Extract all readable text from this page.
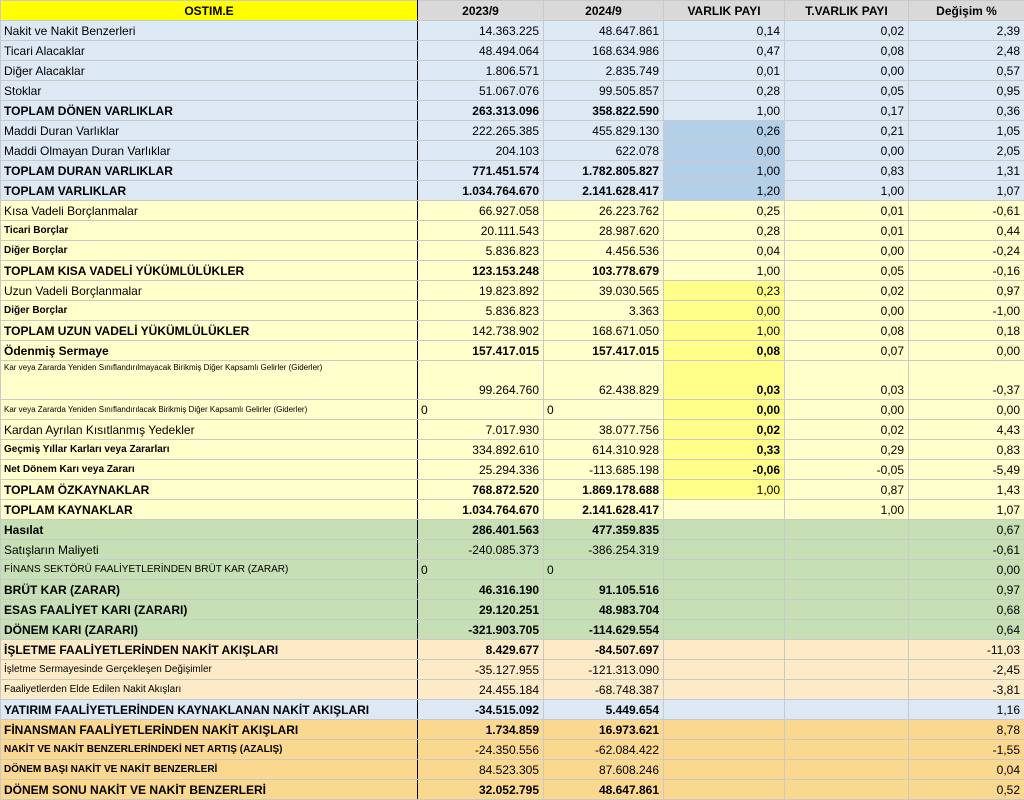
OSTIM.E	2023/9	2024/9	VARLIK PAYI	T.VARLIK PAYI	Değişim %
Nakit ve Nakit Benzerleri	14.363.225	48.647.861	0,14	0,02	2,39
Ticari Alacaklar	48.494.064	168.634.986	0,47	0,08	2,48
Diğer Alacaklar	1.806.571	2.835.749	0,01	0,00	0,57
Stoklar	51.067.076	99.505.857	0,28	0,05	0,95
TOPLAM DÖNEN VARLIKLAR	263.313.096	358.822.590	1,00	0,17	0,36
Maddi Duran Varlıklar	222.265.385	455.829.130	0,26	0,21	1,05
Maddi Olmayan Duran Varlıklar	204.103	622.078	0,00	0,00	2,05
TOPLAM DURAN VARLIKLAR	771.451.574	1.782.805.827	1,00	0,83	1,31
TOPLAM VARLIKLAR	1.034.764.670	2.141.628.417	1,20	1,00	1,07
Kısa Vadeli Borçlanmalar	66.927.058	26.223.762	0,25	0,01	-0,61
Ticari Borçlar	20.111.543	28.987.620	0,28	0,01	0,44
Diğer Borçlar	5.836.823	4.456.536	0,04	0,00	-0,24
TOPLAM KISA VADELİ YÜKÜMLÜLÜKLER	123.153.248	103.778.679	1,00	0,05	-0,16
Uzun Vadeli Borçlanmalar	19.823.892	39.030.565	0,23	0,02	0,97
Diğer Borçlar	5.836.823	3.363	0,00	0,00	-1,00
TOPLAM UZUN VADELİ YÜKÜMLÜLÜKLER	142.738.902	168.671.050	1,00	0,08	0,18
Ödenmiş Sermaye	157.417.015	157.417.015	0,08	0,07	0,00
Kar veya Zararda Yeniden Sınıflandırılmayacak Birikmiş Diğer Kapsamlı Gelirler (Giderler)	99.264.760	62.438.829	0,03	0,03	-0,37
Kar veya Zararda Yeniden Sınıflandırılacak Birikmiş Diğer Kapsamlı Gelirler (Giderler)	0	0	0,00	0,00	0,00
Kardan Ayrılan Kısıtlanmış Yedekler	7.017.930	38.077.756	0,02	0,02	4,43
Geçmiş Yıllar Karları veya Zararları	334.892.610	614.310.928	0,33	0,29	0,83
Net Dönem Karı veya Zararı	25.294.336	-113.685.198	-0,06	-0,05	-5,49
TOPLAM ÖZKAYNAKLAR	768.872.520	1.869.178.688	1,00	0,87	1,43
TOPLAM KAYNAKLAR	1.034.764.670	2.141.628.417		1,00	1,07
Hasılat	286.401.563	477.359.835			0,67
Satışların Maliyeti	-240.085.373	-386.254.319			-0,61
FİNANS SEKTÖRÜ FAALİYETLERİNDEN BRÜT KAR (ZARAR)	0	0			0,00
BRÜT KAR (ZARAR)	46.316.190	91.105.516			0,97
ESAS FAALİYET KARI (ZARARI)	29.120.251	48.983.704			0,68
DÖNEM KARI (ZARARI)	-321.903.705	-114.629.554			0,64
İŞLETME FAALİYETLERİNDEN NAKİT AKIŞLARI	8.429.677	-84.507.697			-11,03
İşletme Sermayesinde Gerçekleşen Değişimler	-35.127.955	-121.313.090			-2,45
Faaliyetlerden Elde Edilen Nakit Akışları	24.455.184	-68.748.387			-3,81
YATIRIM FAALİYETLERİNDEN KAYNAKLANAN NAKİT AKIŞLARI	-34.515.092	5.449.654			1,16
FİNANSMAN FAALİYETLERİNDEN NAKİT AKIŞLARI	1.734.859	16.973.621			8,78
NAKİT VE NAKİT BENZERLERİNDEKİ NET ARTIŞ (AZALIŞ)	-24.350.556	-62.084.422			-1,55
DÖNEM BAŞI NAKİT VE NAKİT BENZERLERİ	84.523.305	87.608.246			0,04
DÖNEM SONU NAKİT VE NAKİT BENZERLERİ	32.052.795	48.647.861			0,52
